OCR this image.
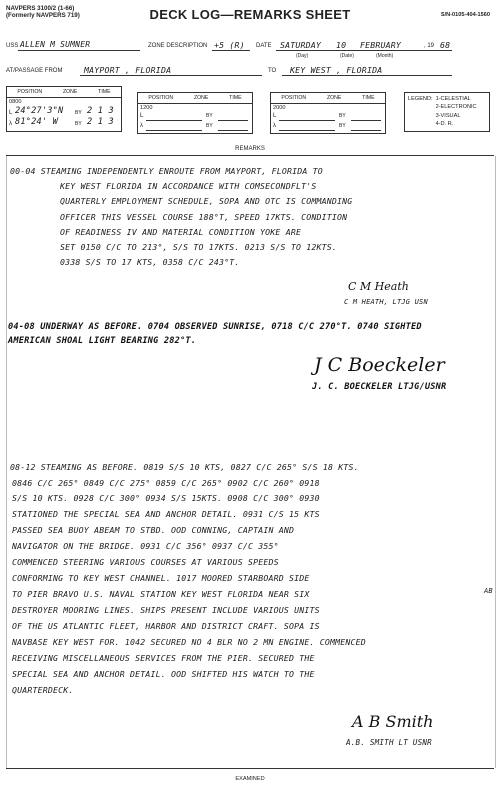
NAVPERS 3100/2 (1-66)
(Formerly NAVPERS 719)	DECK LOG—REMARKS SHEET	S/N-0105-404-1560
USS ALLEN M SUMNER	ZONE DESCRIPTION +5 (R) DATE SATURDAY 10 FEBRUARY	, 19 68
(Day)	(Date)	(Month)
AT/PASSAGE FROM	MAYPORT , FLORIDA	TO KEY WEST , FLORIDA
POSITION	ZONE	TIME
0800
L 24°27'3"N BY 2 1 3
λ 81°24' W	BY 2 1 3
POSITION	ZONE	TIME
1200
L	BY
λ	BY
POSITION	ZONE	TIME
2000
L	BY
λ	BY
LEGEND: 1-CELESTIAL
2-ELECTRONIC
3-VISUAL
4-D. R.
REMARKS
00-04 STEAMING INDEPENDENTLY ENROUTE FROM MAYPORT, FLORIDA TO
KEY WEST FLORIDA IN ACCORDANCE WITH COMSECONDFLT'S
QUARTERLY EMPLOYMENT SCHEDULE, SOPA AND OTC IS COMMANDING
OFFICER THIS VESSEL COURSE 188°T, SPEED 17KTS. CONDITION
OF READINESS IV AND MATERIAL CONDITION YOKE ARE
SET 0150 C/C TO 213°, S/S TO 17KTS. 0213 S/S TO 12KTS.
0338 S/S TO 17 KTS, 0358 C/C 243°T.
C M Heath
C M HEATH, LTJG USN
04-08 UNDERWAY AS BEFORE. 0704 OBSERVED SUNRISE, 0718 C/C 270°T. 0740 SIGHTED
AMERICAN SHOAL LIGHT BEARING 282°T.
J C Boeckeler
J. C. BOECKELER LTJG/USNR
08-12 STEAMING AS BEFORE. 0819 S/S 10 KTS, 0827 C/C 265° S/S 18 KTS.
0846 C/C 265° 0849 C/C 275° 0859 C/C 265° 0902 C/C 260° 0918
S/S 10 KTS. 0928 C/C 300° 0934 S/S 15KTS. 0908 C/C 300° 0930
STATIONED THE SPECIAL SEA AND ANCHOR DETAIL. 0931 C/S 15 KTS
PASSED SEA BUOY ABEAM TO STBD. OOD CONNING, CAPTAIN AND
NAVIGATOR ON THE BRIDGE. 0931 C/C 356° 0937 C/C 355°
COMMENCED STEERING VARIOUS COURSES AT VARIOUS SPEEDS
CONFORMING TO KEY WEST CHANNEL. 1017 MOORED STARBOARD SIDE
TO PIER BRAVO U.S. NAVAL STATION KEY WEST FLORIDA NEAR SIX	AB
DESTROYER MOORING LINES. SHIPS PRESENT INCLUDE VARIOUS UNITS
OF THE US ATLANTIC FLEET, HARBOR AND DISTRICT CRAFT. SOPA IS
NAVBASE KEY WEST FOR. 1042 SECURED NO 4 BLR NO 2 MN ENGINE. COMMENCED
RECEIVING MISCELLANEOUS SERVICES FROM THE PIER. SECURED THE
SPECIAL SEA AND ANCHOR DETAIL. OOD SHIFTED HIS WATCH TO THE
QUARTERDECK.
A B Smith
A.B. SMITH LT USNR
EXAMINED
